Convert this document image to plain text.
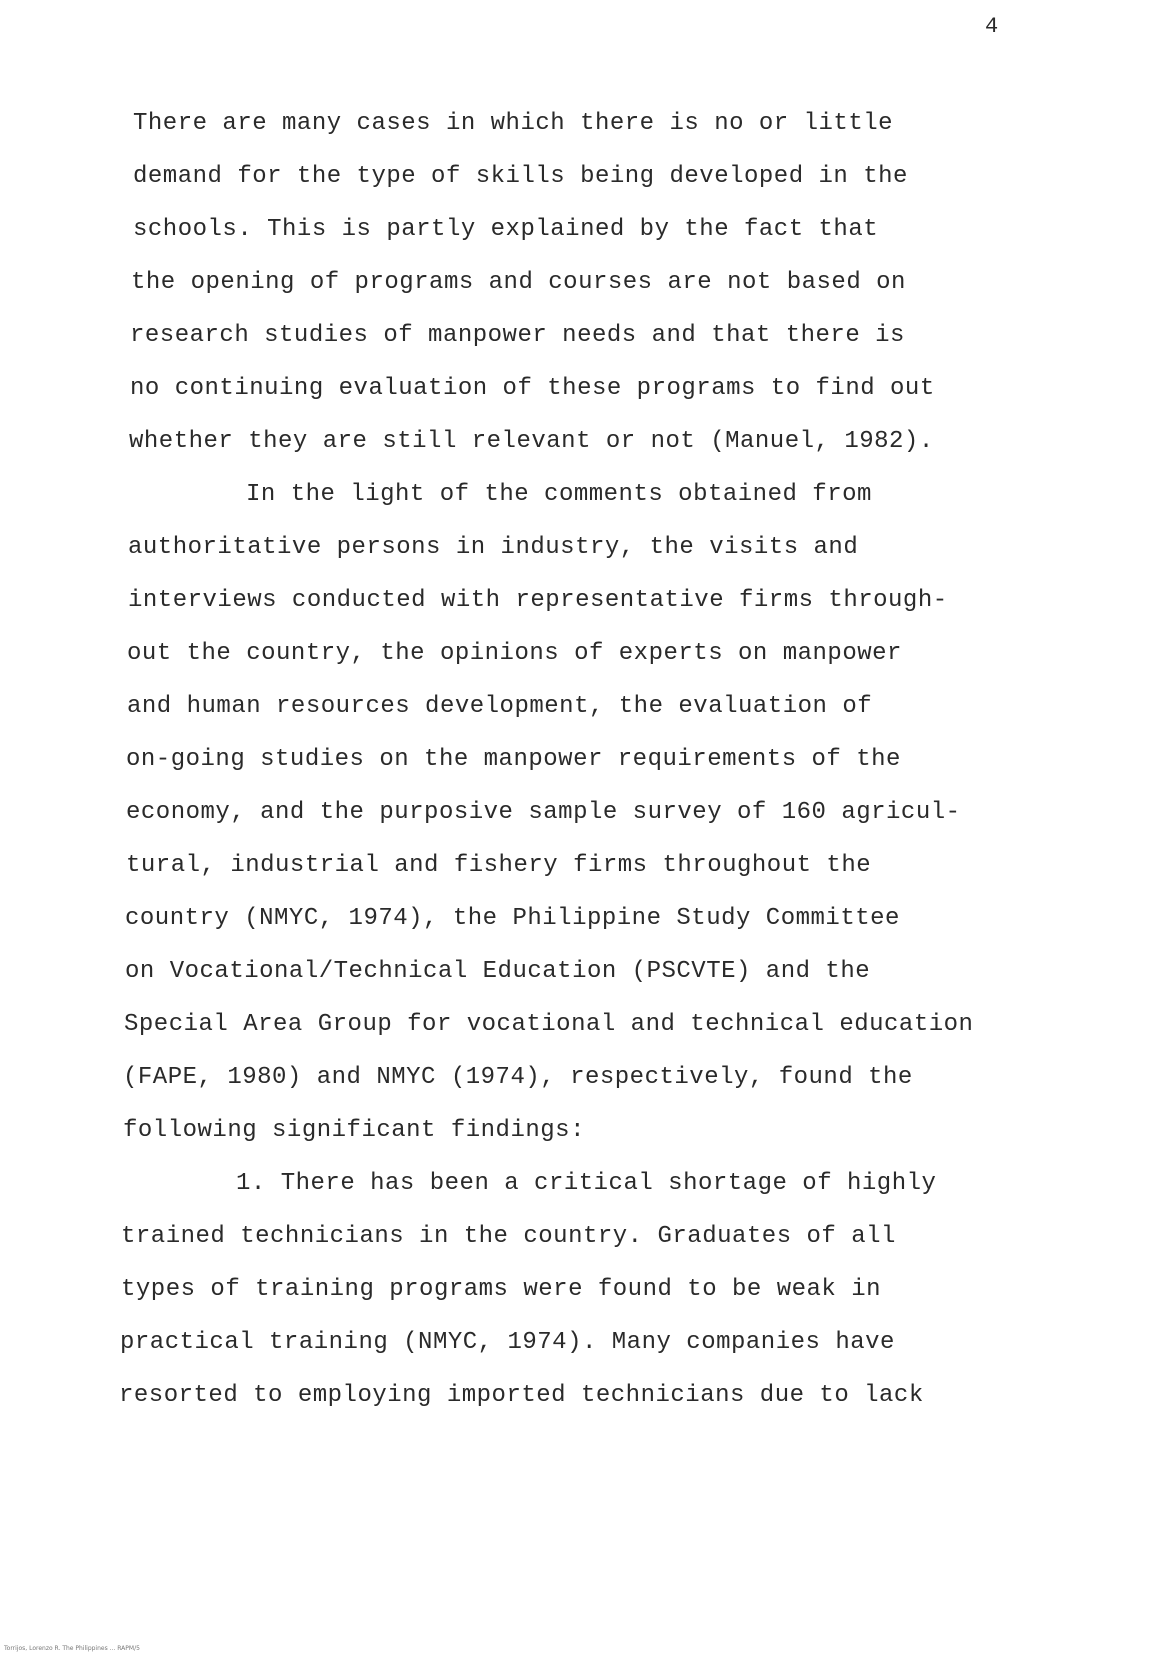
4
There are many cases in which there is no or little
demand for the type of skills being developed in the
schools. This is partly explained by the fact that
the opening of programs and courses are not based on
research studies of manpower needs and that there is
no continuing evaluation of these programs to find out
whether they are still relevant or not (Manuel, 1982).
In the light of the comments obtained from
authoritative persons in industry, the visits and
interviews conducted with representative firms through-
out the country, the opinions of experts on manpower
and human resources development, the evaluation of
on-going studies on the manpower requirements of the
economy, and the purposive sample survey of 160 agricul-
tural, industrial and fishery firms throughout the
country (NMYC, 1974), the Philippine Study Committee
on Vocational/Technical Education (PSCVTE) and the
Special Area Group for vocational and technical education
(FAPE, 1980) and NMYC (1974), respectively, found the
following significant findings:
1. There has been a critical shortage of highly
trained technicians in the country. Graduates of all
types of training programs were found to be weak in
practical training (NMYC, 1974). Many companies have
resorted to employing imported technicians due to lack
Torrijos, Lorenzo R. The Philippines ... RAPM/5
